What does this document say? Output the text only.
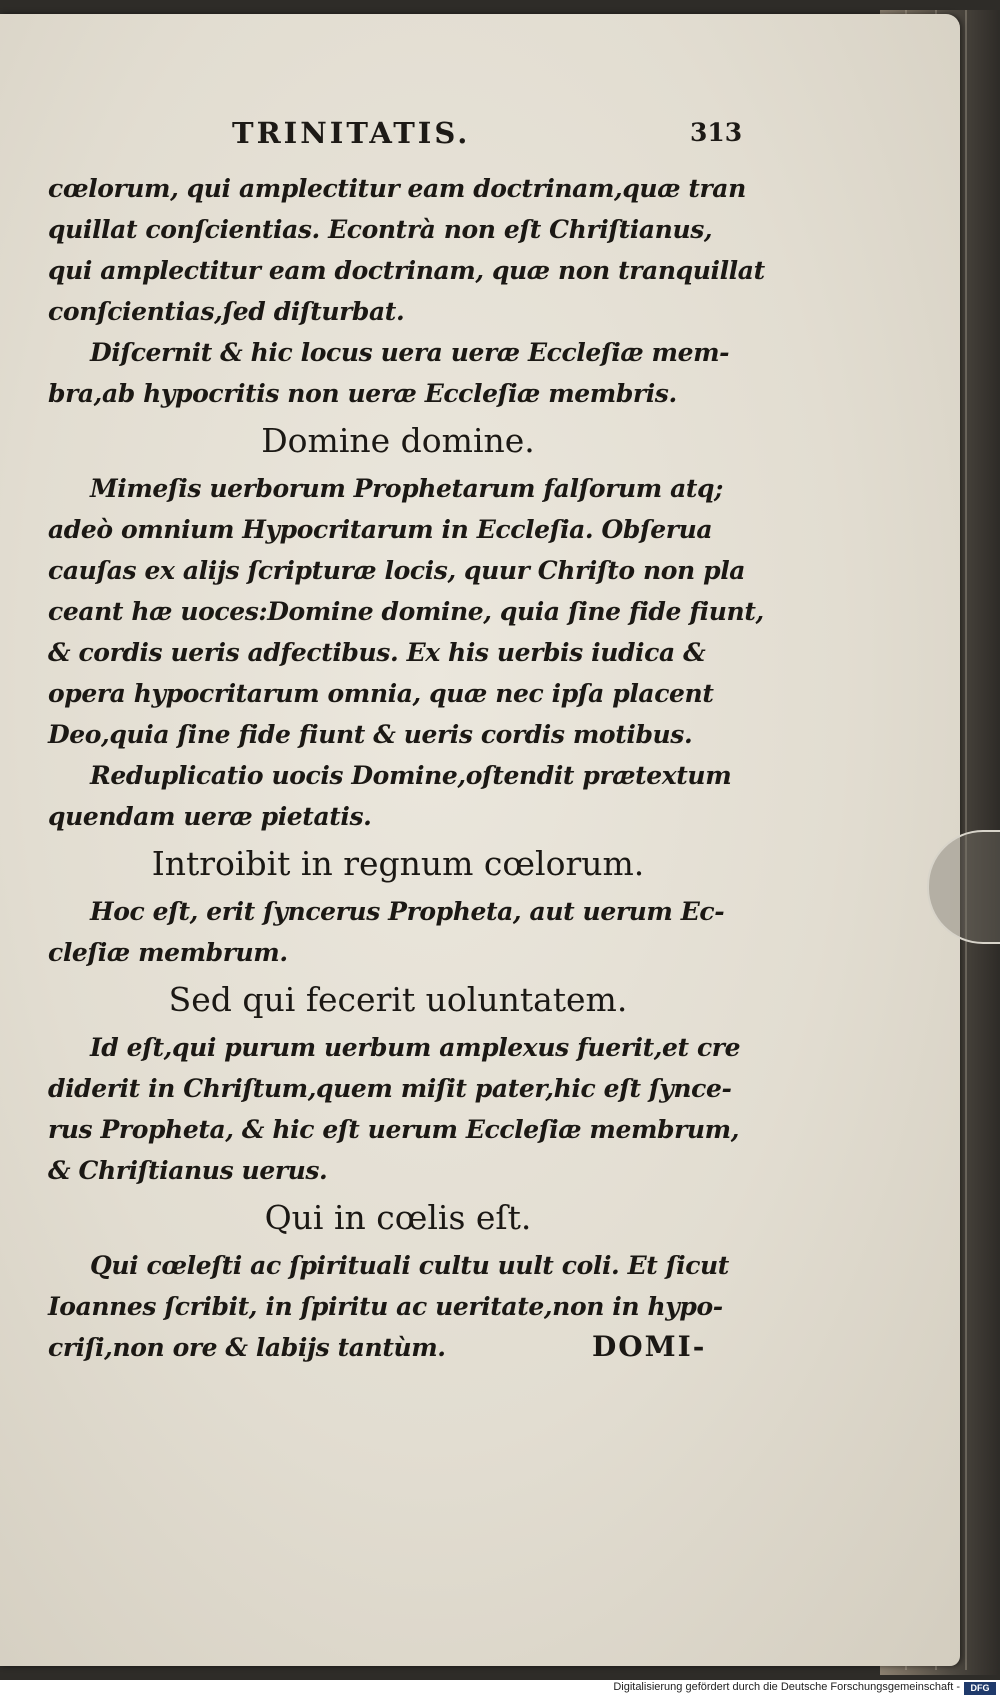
TRINITATIS.	313
cœlorum, qui amplectitur eam doctrinam,quæ tran
quillat conſcientias. Econtrà non eſt Chriſtianus,
qui amplectitur eam doctrinam, quæ non tranquillat
conſcientias,ſed diſturbat.
Diſcernit & hic locus uera ueræ Eccleſiæ mem-
bra,ab hypocritis non ueræ Eccleſiæ membris.
Domine domine.
Mimeſis uerborum Prophetarum falſorum atq;
adeò omnium Hypocritarum in Eccleſia. Obſerua
cauſas ex alijs ſcripturæ locis, quur Chriſto non pla
ceant hæ uoces:Domine domine, quia ſine fide fiunt,
& cordis ueris adfectibus. Ex his uerbis iudica &
opera hypocritarum omnia, quæ nec ipſa placent
Deo,quia ſine fide fiunt & ueris cordis motibus.
Reduplicatio uocis Domine,oſtendit prætextum
quendam ueræ pietatis.
Introibit in regnum cœlorum.
Hoc eſt, erit ſyncerus Propheta, aut uerum Ec-
cleſiæ membrum.
Sed qui fecerit uoluntatem.
Id eſt,qui purum uerbum amplexus fuerit,et cre
diderit in Chriſtum,quem miſit pater,hic eſt ſynce-
rus Propheta, & hic eſt uerum Eccleſiæ membrum,
& Chriſtianus uerus.
Qui in cœlis eſt.
Qui cœleſti ac ſpirituali cultu uult coli. Et ſicut
Ioannes ſcribit, in ſpiritu ac ueritate,non in hypo-
criſi,non ore & labijs tantùm.	DOMI-
Digitalisierung gefördert durch die Deutsche Forschungsgemeinschaft -	DFG
